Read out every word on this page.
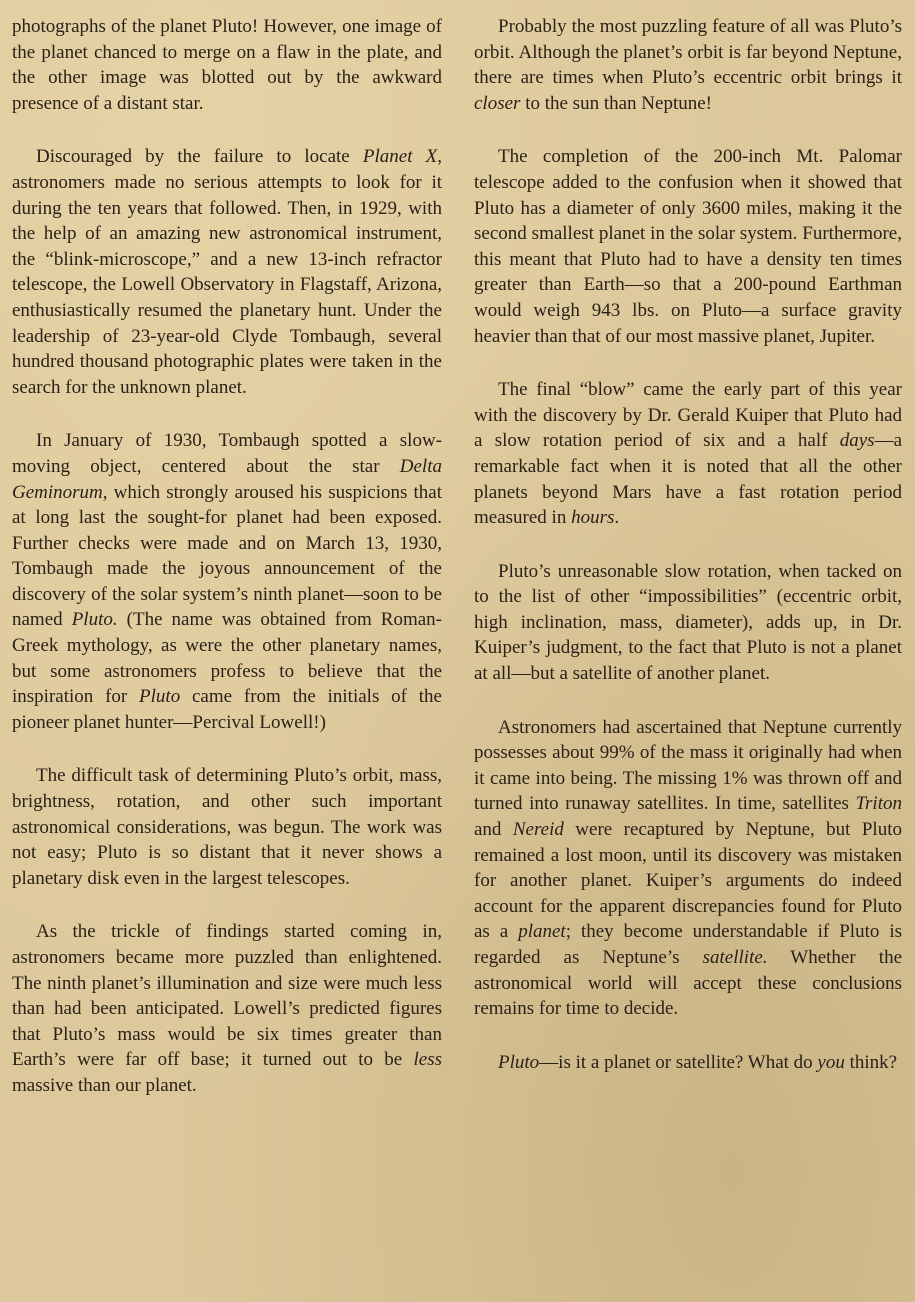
photographs of the planet Pluto! However, one image of the planet chanced to merge on a flaw in the plate, and the other image was blotted out by the awkward presence of a distant star.

Discouraged by the failure to locate Planet X, astronomers made no serious attempts to look for it during the ten years that followed. Then, in 1929, with the help of an amazing new astronomical instrument, the “blink-microscope,” and a new 13-inch refractor telescope, the Lowell Observatory in Flagstaff, Arizona, enthusiastically resumed the planetary hunt. Under the leadership of 23-year-old Clyde Tombaugh, several hundred thousand photographic plates were taken in the search for the unknown planet.

In January of 1930, Tombaugh spotted a slow-moving object, centered about the star Delta Geminorum, which strongly aroused his suspicions that at long last the sought-for planet had been exposed. Further checks were made and on March 13, 1930, Tombaugh made the joyous announcement of the discovery of the solar system’s ninth planet—soon to be named Pluto. (The name was obtained from Roman-Greek mythology, as were the other planetary names, but some astronomers profess to believe that the inspiration for Pluto came from the initials of the pioneer planet hunter—Percival Lowell!)

The difficult task of determining Pluto’s orbit, mass, brightness, rotation, and other such important astronomical considerations, was begun. The work was not easy; Pluto is so distant that it never shows a planetary disk even in the largest telescopes.

As the trickle of findings started coming in, astronomers became more puzzled than enlightened. The ninth planet’s illumination and size were much less than had been anticipated. Lowell’s predicted figures that Pluto’s mass would be six times greater than Earth’s were far off base; it turned out to be less massive than our planet.

Probably the most puzzling feature of all was Pluto’s orbit. Although the planet’s orbit is far beyond Neptune, there are times when Pluto’s eccentric orbit brings it closer to the sun than Neptune!

The completion of the 200-inch Mt. Palomar telescope added to the confusion when it showed that Pluto has a diameter of only 3600 miles, making it the second smallest planet in the solar system. Furthermore, this meant that Pluto had to have a density ten times greater than Earth—so that a 200-pound Earthman would weigh 943 lbs. on Pluto—a surface gravity heavier than that of our most massive planet, Jupiter.

The final “blow” came the early part of this year with the discovery by Dr. Gerald Kuiper that Pluto had a slow rotation period of six and a half days—a remarkable fact when it is noted that all the other planets beyond Mars have a fast rotation period measured in hours.

Pluto’s unreasonable slow rotation, when tacked on to the list of other “impossibilities” (eccentric orbit, high inclination, mass, diameter), adds up, in Dr. Kuiper’s judgment, to the fact that Pluto is not a planet at all—but a satellite of another planet.

Astronomers had ascertained that Neptune currently possesses about 99% of the mass it originally had when it came into being. The missing 1% was thrown off and turned into runaway satellites. In time, satellites Triton and Nereid were recaptured by Neptune, but Pluto remained a lost moon, until its discovery was mistaken for another planet. Kuiper’s arguments do indeed account for the apparent discrepancies found for Pluto as a planet; they become understandable if Pluto is regarded as Neptune’s satellite. Whether the astronomical world will accept these conclusions remains for time to decide.

Pluto—is it a planet or satellite? What do you think?
